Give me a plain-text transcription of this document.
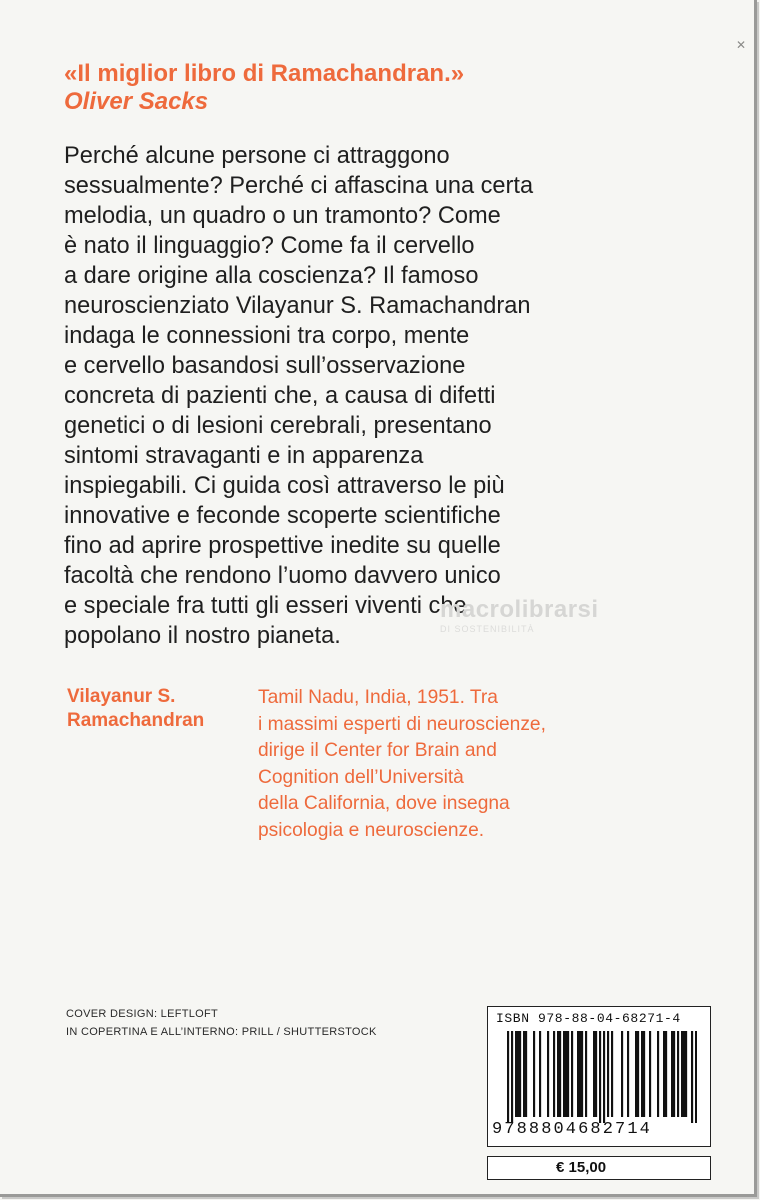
✕
«Il miglior libro di Ramachandran.»
Oliver Sacks
Perché alcune persone ci attraggono
sessualmente? Perché ci affascina una certa
melodia, un quadro o un tramonto? Come
è nato il linguaggio? Come fa il cervello
a dare origine alla coscienza? Il famoso
neuroscienziato Vilayanur S. Ramachandran
indaga le connessioni tra corpo, mente
e cervello basandosi sull’osservazione
concreta di pazienti che, a causa di difetti
genetici o di lesioni cerebrali, presentano
sintomi stravaganti e in apparenza
inspiegabili. Ci guida così attraverso le più
innovative e feconde scoperte scientifiche
fino ad aprire prospettive inedite su quelle
facoltà che rendono l’uomo davvero unico
e speciale fra tutti gli esseri viventi che
popolano il nostro pianeta.
macrolibrarsi
DI SOSTENIBILITÀ
Vilayanur S.
Ramachandran
Tamil Nadu, India, 1951. Tra
i massimi esperti di neuroscienze,
dirige il Center for Brain and
Cognition dell’Università
della California, dove insegna
psicologia e neuroscienze.
COVER DESIGN: LEFTLOFT
IN COPERTINA E ALL’INTERNO: PRILL / SHUTTERSTOCK
ISBN 978-88-04-68271-4
9788804682714
€ 15,00
